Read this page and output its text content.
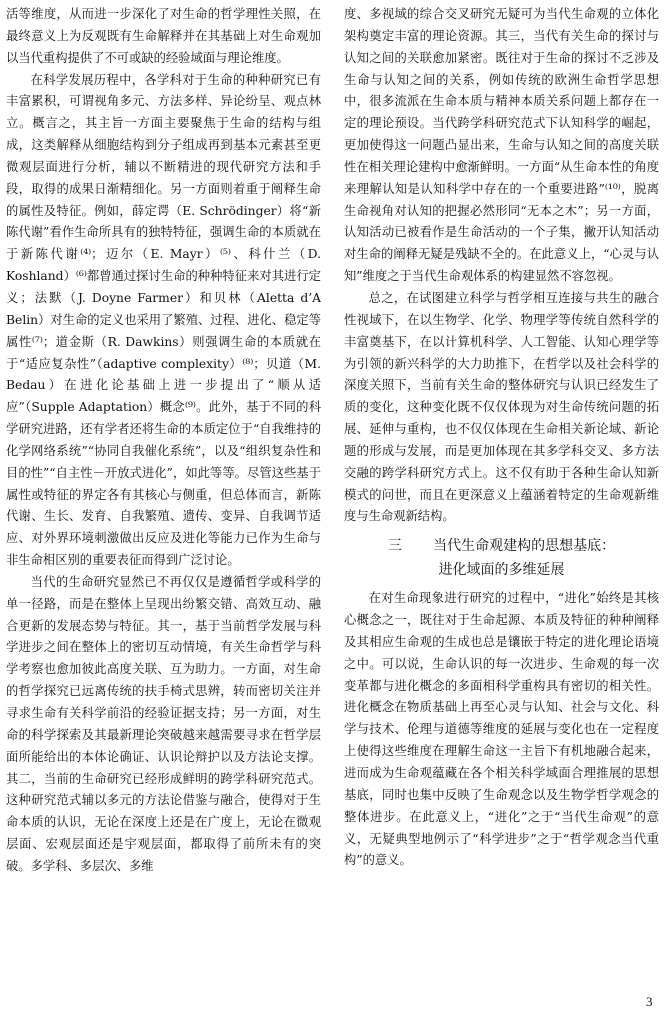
活等维度，从而进一步深化了对生命的哲学理性关照，在最终意义上为反观既有生命解释并在其基础上对生命观加以当代重构提供了不可或缺的经验域面与理论维度。

在科学发展历程中，各学科对于生命的种种研究已有丰富累积，可谓视角多元、方法多样、异论纷呈、观点林立。概言之，其主旨一方面主要聚焦于生命的结构与组成，这类解释从细胞结构到分子组成再到基本元素甚至更微观层面进行分析，辅以不断精进的现代研究方法和手段，取得的成果日渐精细化。另一方面则着重于阐释生命的属性及特征。例如，薛定谔（E. Schrödinger）将“新陈代谢”看作生命所具有的独特特征，强调生命的本质就在于新陈代谢⁽⁴⁾；迈尔（E. Mayr）⁽⁵⁾、科什兰（D. Koshland）⁽⁶⁾都曾通过探讨生命的种种特征来对其进行定义；法默（J. Doyne Farmer）和贝林（Aletta d’A Belin）对生命的定义也采用了繁殖、过程、进化、稳定等属性⁽⁷⁾；道金斯（R. Dawkins）则强调生命的本质就在于“适应复杂性”（adaptive complexity）⁽⁸⁾；贝道（M. Bedau）在进化论基础上进一步提出了“顺从适应”（Supple Adaptation）概念⁽⁹⁾。此外，基于不同的科学研究进路，还有学者还将生命的本质定位于“自我维持的化学网络系统”“协同自我催化系统”，以及“组织复杂性和目的性”“自主性－开放式进化”，如此等等。尽管这些基于属性或特征的界定各有其核心与侧重，但总体而言，新陈代谢、生长、发育、自我繁殖、遗传、变异、自我调节适应、对外界环境刺激做出反应及进化等能力已作为生命与非生命相区别的重要表征而得到广泛讨论。

当代的生命研究显然已不再仅仅是遵循哲学或科学的单一径路，而是在整体上呈现出纷繁交错、高效互动、融合更新的发展态势与特征。其一，基于当前哲学发展与科学进步之间在整体上的密切互动情境，有关生命哲学与科学考察也愈加彼此高度关联、互为助力。一方面，对生命的哲学探究已远离传统的扶手椅式思辨，转而密切关注并寻求生命有关科学前沿的经验证据支持；另一方面，对生命的科学探索及其最新理论突破越来越需要寻求在哲学层面所能给出的本体论确证、认识论辩护以及方法论支撑。其二，当前的生命研究已经形成鲜明的跨学科研究范式。这种研究范式辅以多元的方法论借鉴与融合，使得对于生命本质的认识，无论在深度上还是在广度上，无论在微观层面、宏观层面还是宇观层面，都取得了前所未有的突破。多学科、多层次、多维

度、多视域的综合交叉研究无疑可为当代生命观的立体化架构奠定丰富的理论资源。其三，当代有关生命的探讨与认知之间的关联愈加紧密。既往对于生命的探讨不乏涉及生命与认知之间的关系，例如传统的欧洲生命哲学思想中，很多流派在生命本质与精神本质关系问题上都存在一定的理论预设。当代跨学科研究范式下认知科学的崛起，更加使得这一问题凸显出来，生命与认知之间的高度关联性在相关理论建构中愈渐鲜明。一方面“从生命本性的角度来理解认知是认知科学中存在的一个重要进路”⁽¹⁰⁾，脱离生命视角对认知的把握必然形同“无本之木”；另一方面，认知活动已被看作是生命活动的一个子集，撇开认知活动对生命的阐释无疑是残缺不全的。在此意义上，“心灵与认知”维度之于当代生命观体系的构建显然不容忽视。

总之，在试图建立科学与哲学相互连接与共生的融合性视域下，在以生物学、化学、物理学等传统自然科学的丰富奠基下，在以计算机科学、人工智能、认知心理学等为引领的新兴科学的大力助推下，在哲学以及社会科学的深度关照下，当前有关生命的整体研究与认识已经发生了质的变化，这种变化既不仅仅体现为对生命传统问题的拓展、延伸与重构，也不仅仅体现在生命相关新论域、新论题的形成与发展，而是更加体现在其多学科交叉、多方法交融的跨学科研究方式上。这不仅有助于各种生命认知新模式的问世，而且在更深意义上蕴涵着特定的生命观新维度与生命观新结构。

三 当代生命观建构的思想基底：
进化域面的多维延展

在对生命现象进行研究的过程中，“进化”始终是其核心概念之一，既往对于生命起源、本质及特征的种种阐释及其相应生命观的生成也总是镶嵌于特定的进化理论语境之中。可以说，生命认识的每一次进步、生命观的每一次变革都与进化概念的多面相科学重构具有密切的相关性。进化概念在物质基础上再至心灵与认知、社会与文化、科学与技术、伦理与道德等维度的延展与变化也在一定程度上使得这些维度在理解生命这一主旨下有机地融合起来，进而成为生命观蕴藏在各个相关科学域面合理推展的思想基底，同时也集中反映了生命观念以及生物学哲学观念的整体进步。在此意义上，“进化”之于“当代生命观”的意义，无疑典型地例示了“科学进步”之于“哲学观念当代重构”的意义。

3
